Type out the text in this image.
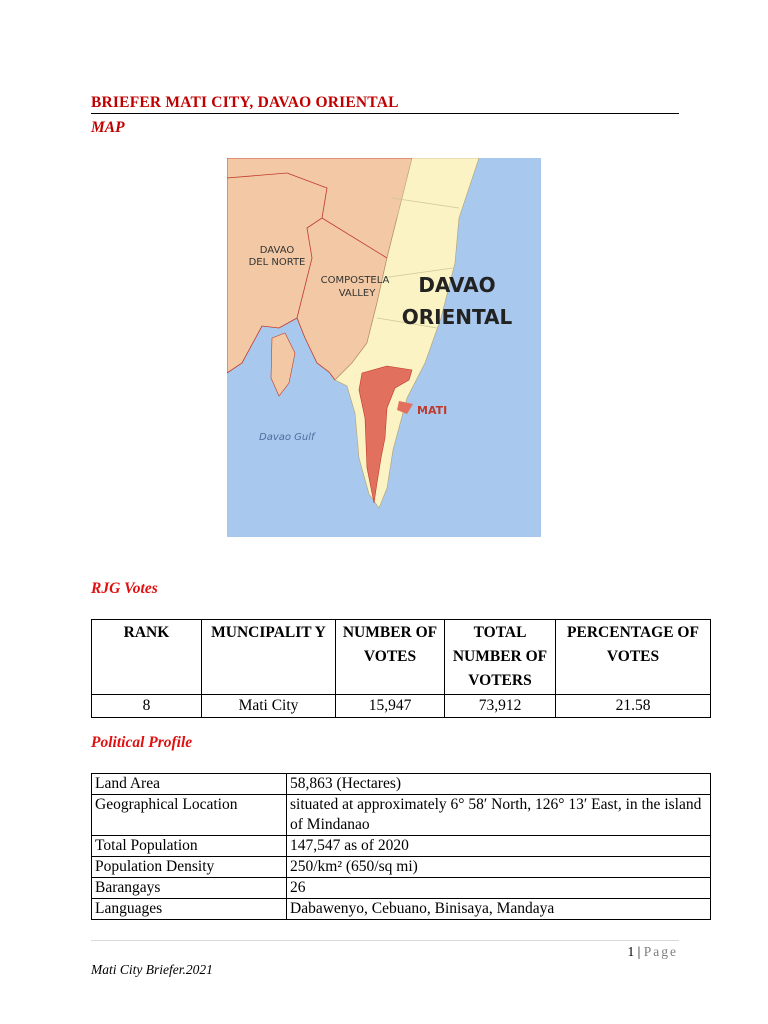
BRIEFER MATI CITY, DAVAO ORIENTAL
MAP
DAVAO
DEL NORTE
COMPOSTELA
VALLEY DAVAO
ORIENTAL
MATI
Davao Gulf
RJG Votes
RANK	MUNCIPALIT Y	NUMBER OF VOTES	TOTAL NUMBER OF VOTERS	PERCENTAGE OF VOTES
8	Mati City	15,947	73,912	21.58
Political Profile
Land Area	58,863 (Hectares)
Geographical Location	situated at approximately 6° 58′ North, 126° 13′ East, in the island of Mindanao
Total Population	147,547 as of 2020
Population Density	250/km² (650/sq mi)
Barangays	26
Languages	Dabawenyo, Cebuano, Binisaya, Mandaya
1 | Page
Mati City Briefer.2021
